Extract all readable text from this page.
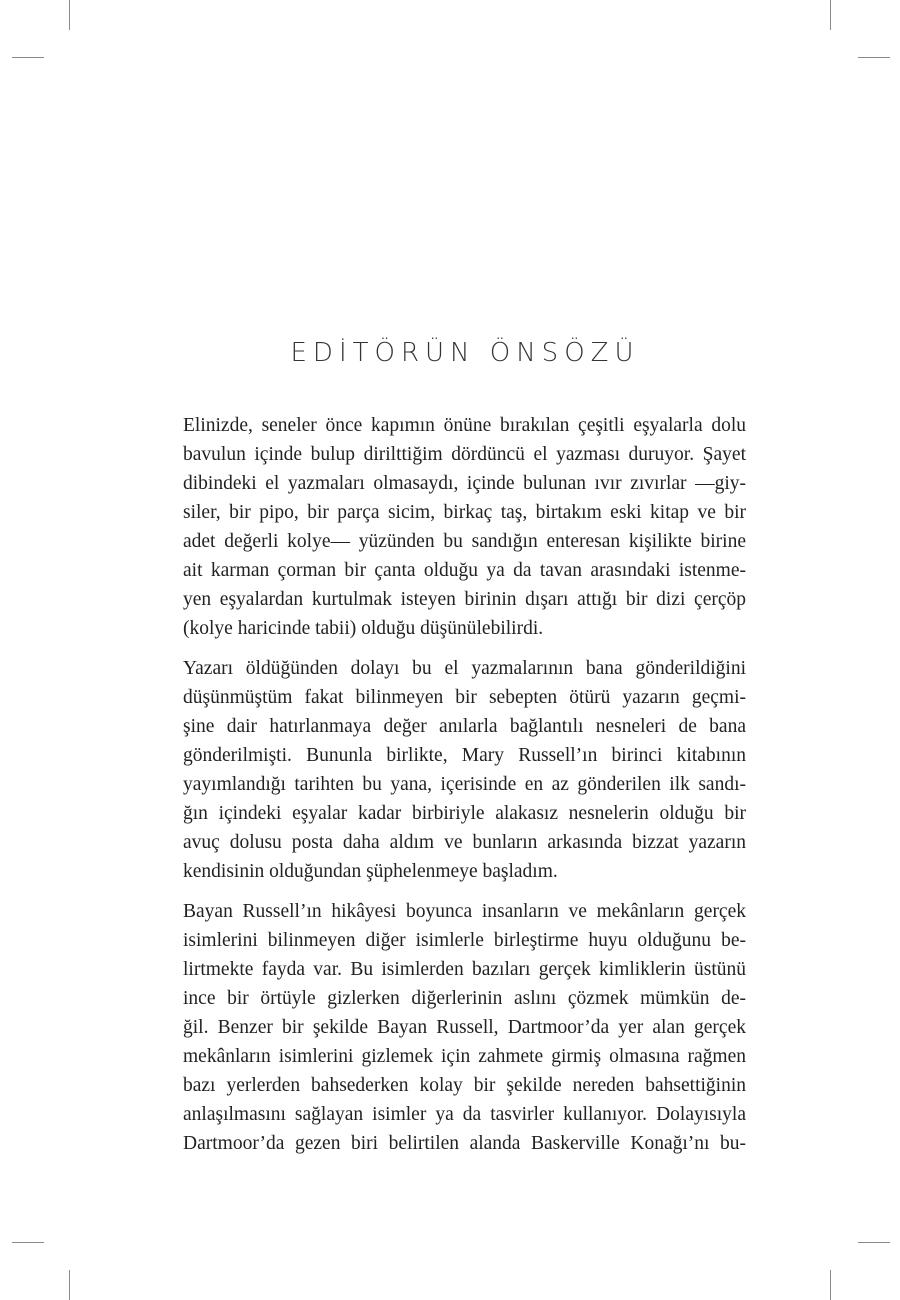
EDİTÖRÜN ÖNSÖZÜ

Elinizde, seneler önce kapımın önüne bırakılan çeşitli eşyalarla dolu
bavulun içinde bulup dirilttiğim dördüncü el yazması duruyor. Şayet
dibindeki el yazmaları olmasaydı, içinde bulunan ıvır zıvırlar —giy-
siler, bir pipo, bir parça sicim, birkaç taş, birtakım eski kitap ve bir
adet değerli kolye— yüzünden bu sandığın enteresan kişilikte birine
ait karman çorman bir çanta olduğu ya da tavan arasındaki istenme-
yen eşyalardan kurtulmak isteyen birinin dışarı attığı bir dizi çerçöp
(kolye haricinde tabii) olduğu düşünülebilirdi.

Yazarı öldüğünden dolayı bu el yazmalarının bana gönderildiğini
düşünmüştüm fakat bilinmeyen bir sebepten ötürü yazarın geçmi-
şine dair hatırlanmaya değer anılarla bağlantılı nesneleri de bana
gönderilmişti. Bununla birlikte, Mary Russell’ın birinci kitabının
yayımlandığı tarihten bu yana, içerisinde en az gönderilen ilk sandı-
ğın içindeki eşyalar kadar birbiriyle alakasız nesnelerin olduğu bir
avuç dolusu posta daha aldım ve bunların arkasında bizzat yazarın
kendisinin olduğundan şüphelenmeye başladım.

Bayan Russell’ın hikâyesi boyunca insanların ve mekânların gerçek
isimlerini bilinmeyen diğer isimlerle birleştirme huyu olduğunu be-
lirtmekte fayda var. Bu isimlerden bazıları gerçek kimliklerin üstünü
ince bir örtüyle gizlerken diğerlerinin aslını çözmek mümkün de-
ğil. Benzer bir şekilde Bayan Russell, Dartmoor’da yer alan gerçek
mekânların isimlerini gizlemek için zahmete girmiş olmasına rağmen
bazı yerlerden bahsederken kolay bir şekilde nereden bahsettiğinin
anlaşılmasını sağlayan isimler ya da tasvirler kullanıyor. Dolayısıyla
Dartmoor’da gezen biri belirtilen alanda Baskerville Konağı’nı bu-
